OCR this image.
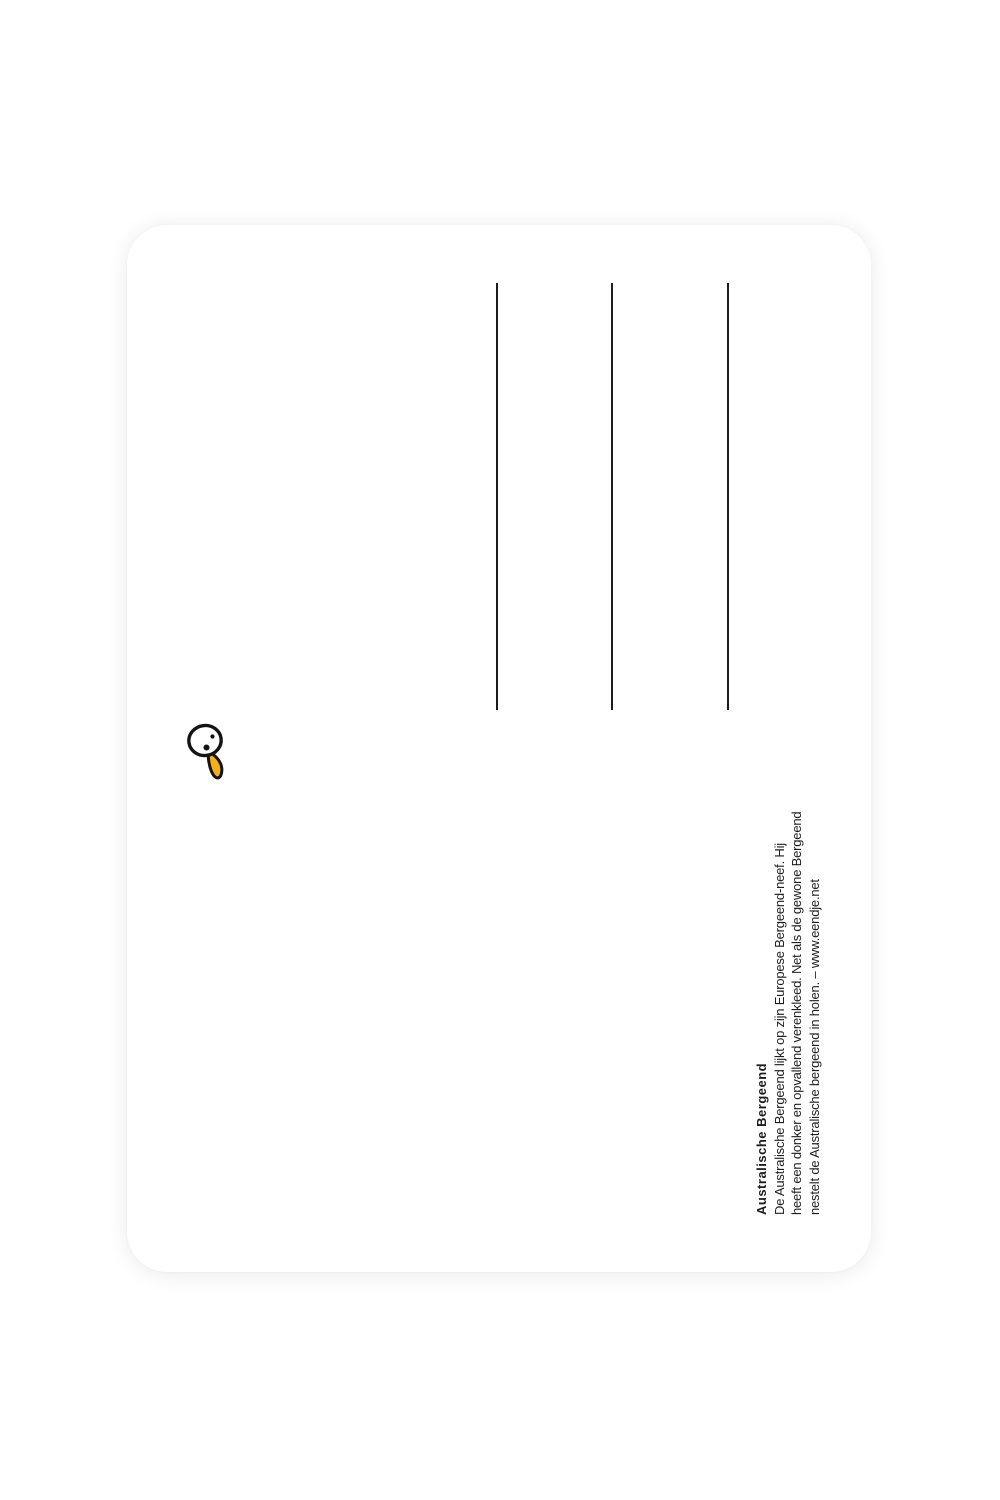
Australische Bergeend De Australische Bergeend lijkt op zijn Europese Bergeend-neef. Hij heeft een donker en opvallend verenkleed. Net als de gewone Bergeend nestelt de Australische bergeend in holen. – www.eendje.net
